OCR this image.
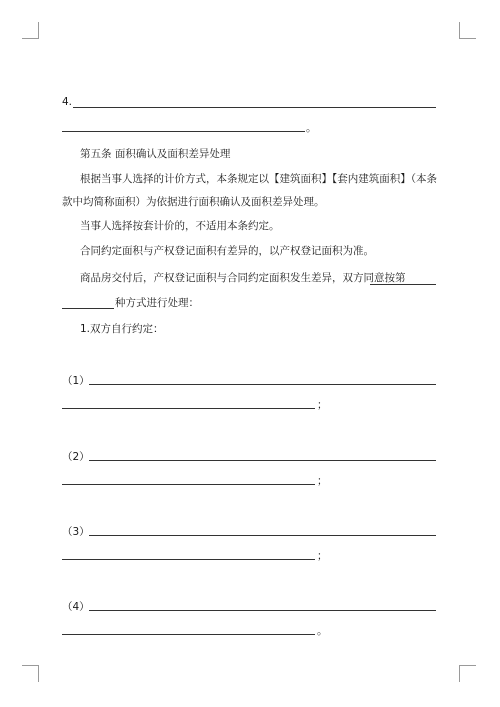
4.
。
第五条 面积确认及面积差异处理
根据当事人选择的计价方式，本条规定以【建筑面积】【套内建筑面积】（本条
款中均简称面积）为依据进行面积确认及面积差异处理。
当事人选择按套计价的，不适用本条约定。
合同约定面积与产权登记面积有差异的，以产权登记面积为准。
商品房交付后，产权登记面积与合同约定面积发生差异，双方同意按第
种方式进行处理：
1.双方自行约定：
（1）
；
（2）
；
（3）
；
（4）
。
